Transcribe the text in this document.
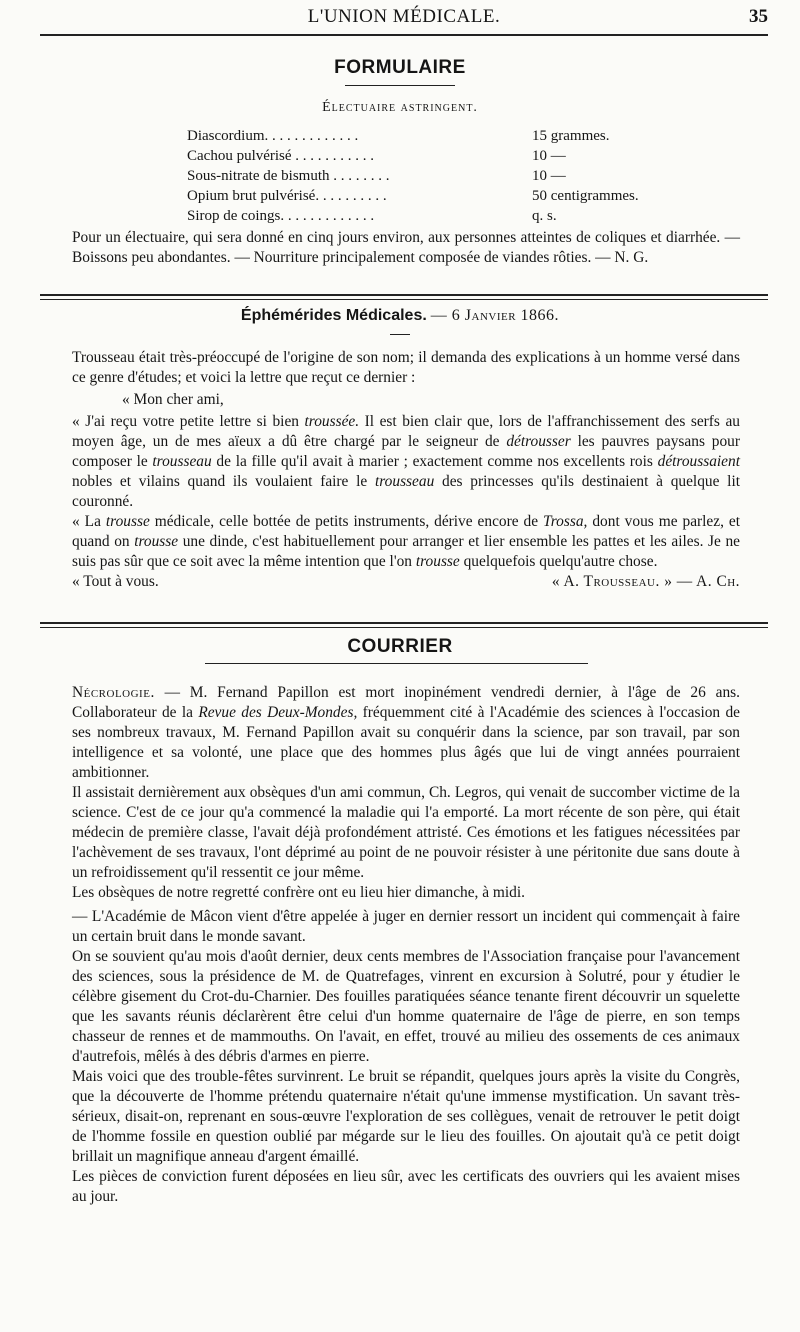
L'UNION MÉDICALE.	35
FORMULAIRE
Électuaire astringent.
Diascordium. . . . . . . . . . . . .	15 grammes.
Cachou pulvérisé . . . . . . . . . . .	10 —
Sous-nitrate de bismuth . . . . . . . .	10 —
Opium brut pulvérisé. . . . . . . . . .	50 centigrammes.
Sirop de coings. . . . . . . . . . . . .	q. s.

Pour un électuaire, qui sera donné en cinq jours environ, aux personnes atteintes de coliques et diarrhée. — Boissons peu abondantes. — Nourriture principalement composée de viandes rôties. — N. G.

Éphémérides Médicales. — 6 Janvier 1866.

Trousseau était très-préoccupé de l'origine de son nom; il demanda des explications à un homme versé dans ce genre d'études; et voici la lettre que reçut ce dernier :

« Mon cher ami,

« J'ai reçu votre petite lettre si bien troussée. Il est bien clair que, lors de l'affranchissement des serfs au moyen âge, un de mes aïeux a dû être chargé par le seigneur de détrousser les pauvres paysans pour composer le trousseau de la fille qu'il avait à marier ; exactement comme nos excellents rois détroussaient nobles et vilains quand ils voulaient faire le trousseau des princesses qu'ils destinaient à quelque lit couronné.

« La trousse médicale, celle bottée de petits instruments, dérive encore de Trossa, dont vous me parlez, et quand on trousse une dinde, c'est habituellement pour arranger et lier ensemble les pattes et les ailes. Je ne suis pas sûr que ce soit avec la même intention que l'on trousse quelquefois quelqu'autre chose.

« Tout à vous.	« A. Trousseau. » — A. Ch.
COURRIER

Nécrologie. — M. Fernand Papillon est mort inopinément vendredi dernier, à l'âge de 26 ans. Collaborateur de la Revue des Deux-Mondes, fréquemment cité à l'Académie des sciences à l'occasion de ses nombreux travaux, M. Fernand Papillon avait su conquérir dans la science, par son travail, par son intelligence et sa volonté, une place que des hommes plus âgés que lui de vingt années pourraient ambitionner.

Il assistait dernièrement aux obsèques d'un ami commun, Ch. Legros, qui venait de succomber victime de la science. C'est de ce jour qu'a commencé la maladie qui l'a emporté. La mort récente de son père, qui était médecin de première classe, l'avait déjà profondément attristé. Ces émotions et les fatigues nécessitées par l'achèvement de ses travaux, l'ont déprimé au point de ne pouvoir résister à une péritonite due sans doute à un refroidissement qu'il ressentit ce jour même.

Les obsèques de notre regretté confrère ont eu lieu hier dimanche, à midi.

— L'Académie de Mâcon vient d'être appelée à juger en dernier ressort un incident qui commençait à faire un certain bruit dans le monde savant.

On se souvient qu'au mois d'août dernier, deux cents membres de l'Association française pour l'avancement des sciences, sous la présidence de M. de Quatrefages, vinrent en excursion à Solutré, pour y étudier le célèbre gisement du Crot-du-Charnier. Des fouilles paratiquées séance tenante firent découvrir un squelette que les savants réunis déclarèrent être celui d'un homme quaternaire de l'âge de pierre, en son temps chasseur de rennes et de mammouths. On l'avait, en effet, trouvé au milieu des ossements de ces animaux d'autrefois, mêlés à des débris d'armes en pierre.

Mais voici que des trouble-fêtes survinrent. Le bruit se répandit, quelques jours après la visite du Congrès, que la découverte de l'homme prétendu quaternaire n'était qu'une immense mystification. Un savant très-sérieux, disait-on, reprenant en sous-œuvre l'exploration de ses collègues, venait de retrouver le petit doigt de l'homme fossile en question oublié par mégarde sur le lieu des fouilles. On ajoutait qu'à ce petit doigt brillait un magnifique anneau d'argent émaillé.

Les pièces de conviction furent déposées en lieu sûr, avec les certificats des ouvriers qui les avaient mises au jour.
